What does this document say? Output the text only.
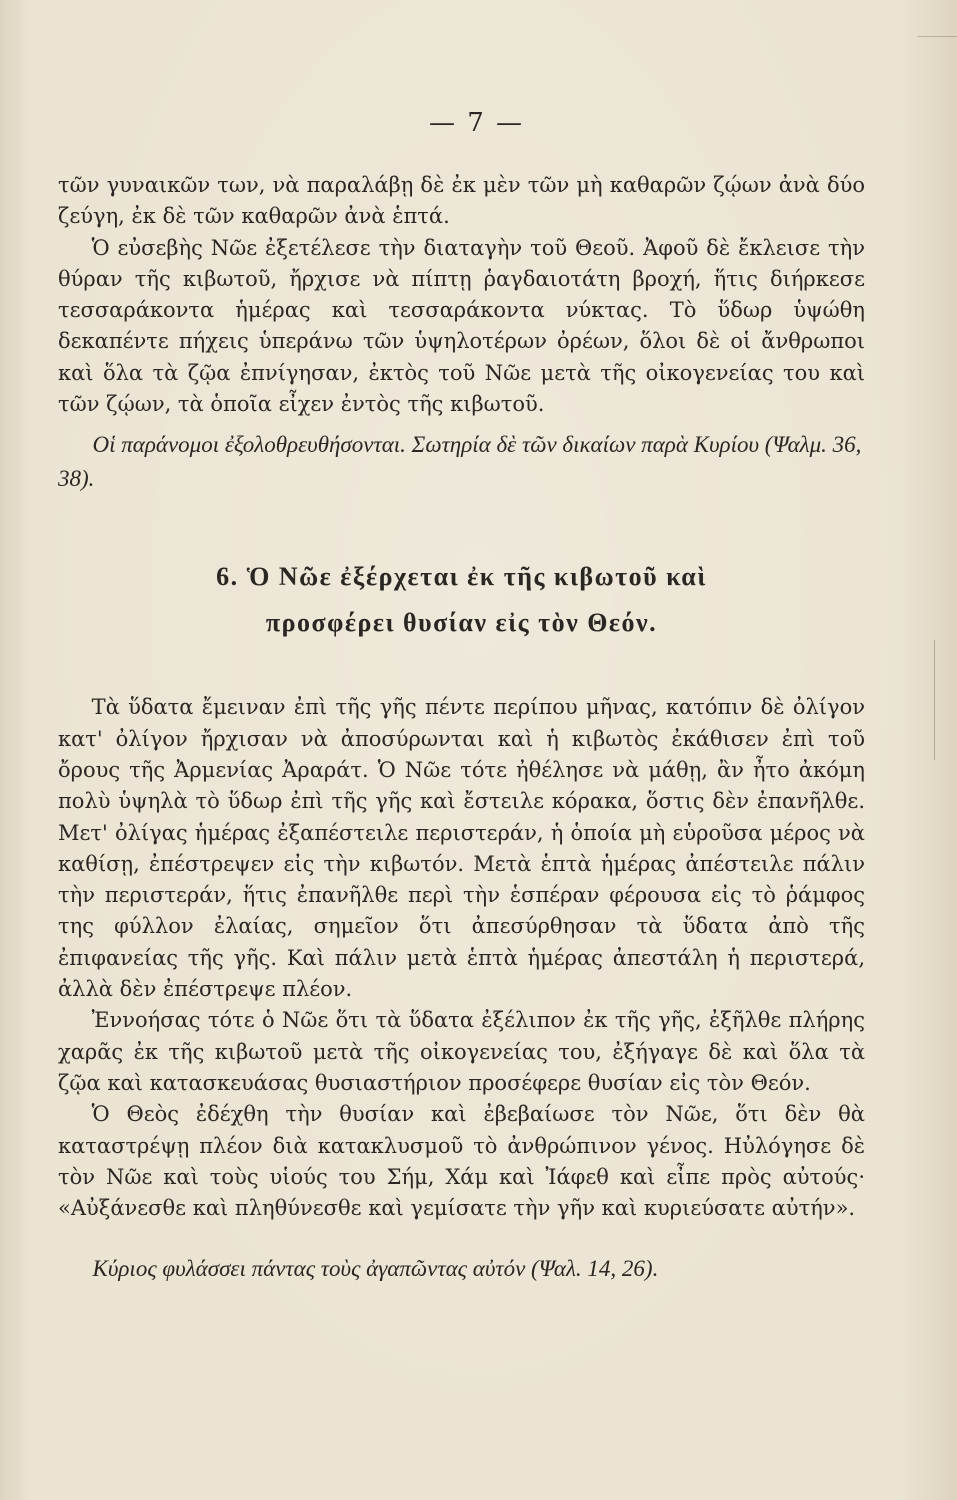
— 7 —

τῶν γυναικῶν των, νὰ παραλάβῃ δὲ ἐκ μὲν τῶν μὴ καθαρῶν ζῴων ἀνὰ δύο ζεύγη, ἐκ δὲ τῶν καθαρῶν ἀνὰ ἑπτά.

Ὁ εὐσεβὴς Νῶε ἐξετέλεσε τὴν διαταγὴν τοῦ Θεοῦ. Ἀφοῦ δὲ ἔκλεισε τὴν θύραν τῆς κιβωτοῦ, ἤρχισε νὰ πίπτῃ ῥαγδαιοτάτη βροχή, ἥτις διήρκεσε τεσσαράκοντα ἡμέρας καὶ τεσσαράκοντα νύκτας. Τὸ ὕδωρ ὑψώθη δεκαπέντε πήχεις ὑπεράνω τῶν ὑψηλοτέρων ὀρέων, ὅλοι δὲ οἱ ἄνθρωποι καὶ ὅλα τὰ ζῷα ἐπνίγησαν, ἐκτὸς τοῦ Νῶε μετὰ τῆς οἰκογενείας του καὶ τῶν ζῴων, τὰ ὁποῖα εἶχεν ἐντὸς τῆς κιβωτοῦ.

Οἱ παράνομοι ἐξολοθρευθήσονται. Σωτηρία δὲ τῶν δικαίων παρὰ Κυρίου (Ψαλμ. 36, 38).

6. Ὁ Νῶε ἐξέρχεται ἐκ τῆς κιβωτοῦ καὶ
προσφέρει θυσίαν εἰς τὸν Θεόν.

Τὰ ὕδατα ἔμειναν ἐπὶ τῆς γῆς πέντε περίπου μῆνας, κατόπιν δὲ ὀλίγον κατ' ὀλίγον ἤρχισαν νὰ ἀποσύρωνται καὶ ἡ κιβωτὸς ἐκάθισεν ἐπὶ τοῦ ὄρους τῆς Ἀρμενίας Ἀραράτ. Ὁ Νῶε τότε ἠθέλησε νὰ μάθῃ, ἂν ἦτο ἀκόμη πολὺ ὑψηλὰ τὸ ὕδωρ ἐπὶ τῆς γῆς καὶ ἔστειλε κόρακα, ὅστις δὲν ἐπανῆλθε. Μετ' ὀλίγας ἡμέρας ἐξαπέστειλε περιστεράν, ἡ ὁποία μὴ εὑροῦσα μέρος νὰ καθίσῃ, ἐπέστρεψεν εἰς τὴν κιβωτόν. Μετὰ ἑπτὰ ἡμέρας ἀπέστειλε πάλιν τὴν περιστεράν, ἥτις ἐπανῆλθε περὶ τὴν ἑσπέραν φέρουσα εἰς τὸ ῥάμφος της φύλλον ἐλαίας, σημεῖον ὅτι ἀπεσύρθησαν τὰ ὕδατα ἀπὸ τῆς ἐπιφανείας τῆς γῆς. Καὶ πάλιν μετὰ ἑπτὰ ἡμέρας ἀπεστάλη ἡ περιστερά, ἀλλὰ δὲν ἐπέστρεψε πλέον.

Ἐννοήσας τότε ὁ Νῶε ὅτι τὰ ὕδατα ἐξέλιπον ἐκ τῆς γῆς, ἐξῆλθε πλήρης χαρᾶς ἐκ τῆς κιβωτοῦ μετὰ τῆς οἰκογενείας του, ἐξήγαγε δὲ καὶ ὅλα τὰ ζῷα καὶ κατασκευάσας θυσιαστήριον προσέφερε θυσίαν εἰς τὸν Θεόν.

Ὁ Θεὸς ἐδέχθη τὴν θυσίαν καὶ ἐβεβαίωσε τὸν Νῶε, ὅτι δὲν θὰ καταστρέψῃ πλέον διὰ κατακλυσμοῦ τὸ ἀνθρώπινον γένος. Ηὐλόγησε δὲ τὸν Νῶε καὶ τοὺς υἱούς του Σήμ, Χάμ καὶ Ἰάφεθ καὶ εἶπε πρὸς αὐτούς· «Αὐξάνεσθε καὶ πληθύνεσθε καὶ γεμίσατε τὴν γῆν καὶ κυριεύσατε αὐτήν».

Κύριος φυλάσσει πάντας τοὺς ἀγαπῶντας αὐτόν (Ψαλ. 14, 26).
